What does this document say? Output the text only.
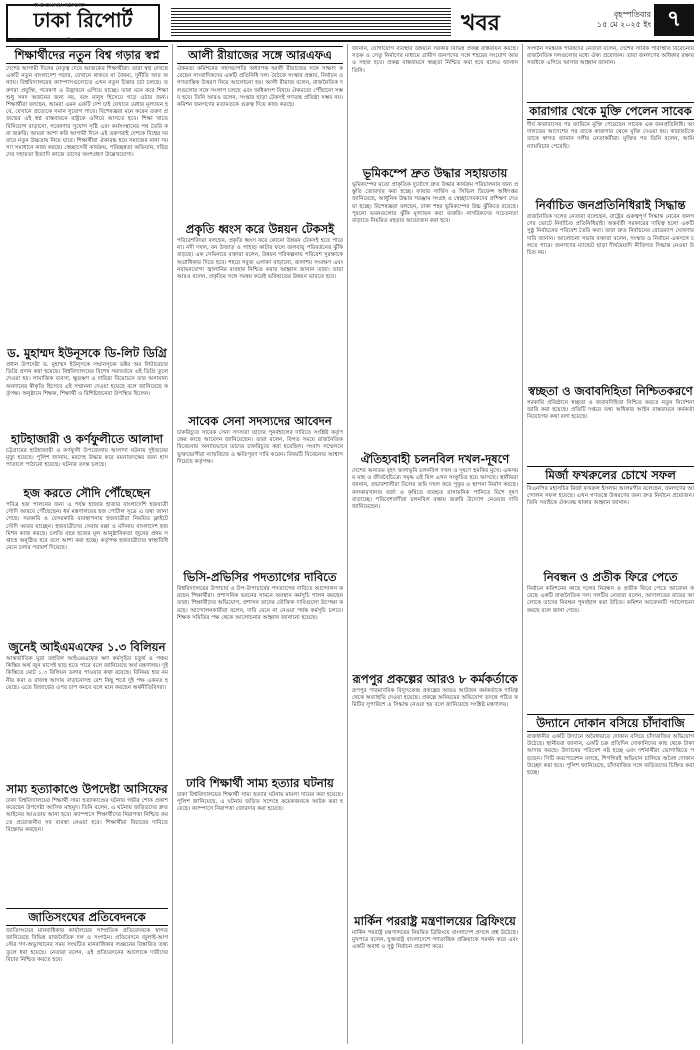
ঢাকা রিপোর্ট
THE DHAKA REPORT
খবর	বৃহস্পতিবার
১৫ মে ২০২৫ ইং ৭
শিক্ষার্থীদের নতুন বিশ্ব গড়ার স্বপ্ন

দেশের আগামী দিনের নেতৃত্ব দেবে আজকের শিক্ষার্থীরা। তারা স্বপ্ন দেখছে একটি নতুন বাংলাদেশ গড়ার, যেখানে থাকবে না বৈষম্য, দুর্নীতি আর অন্যায়। বিশ্ববিদ্যালয়ের ক্যাম্পাসগুলোতে এখন নতুন চিন্তার চর্চা চলছে। তরুণরা প্রযুক্তি, গবেষণা ও উদ্ভাবনে এগিয়ে যাচ্ছে। তারা মনে করে শিক্ষা শুধু সনদ অর্জনের জন্য নয়, বরং মানুষ হিসেবে গড়ে ওঠার জন্য। শিক্ষার্থীরা বলছেন, আমরা এমন একটি দেশ চাই যেখানে মেধার মূল্যায়ন হবে, যেখানে প্রত্যেকে সমান সুযোগ পাবে। বিশেষজ্ঞরা মনে করেন তরুণ প্রজন্মের এই স্বপ্ন বাস্তবায়নে রাষ্ট্রকে এগিয়ে আসতে হবে। শিক্ষা খাতে বিনিয়োগ বাড়ানো, গবেষণার সুযোগ সৃষ্টি এবং কর্মসংস্থানের পথ তৈরি করা জরুরি। আমরা আশা করি আগামী দিনে এই তরুণরাই দেশকে বিশ্বের দরবারে নতুন উচ্চতায় নিয়ে যাবে। শিক্ষার্থীরা ঐক্যবদ্ধ হয়ে সমাজের নানা সমস্যা সমাধানে কাজ করছে। স্বেচ্ছাসেবী কার্যক্রম, পরিচ্ছন্নতা অভিযান, দরিদ্রদের সহায়তা ইত্যাদি কাজে তাদের অংশগ্রহণ উল্লেখযোগ্য।

ড. মুহাম্মদ ইউনূসকে ডি-লিট ডিগ্রি

প্রধান উপদেষ্টা ড. মুহাম্মদ ইউনূসকে সম্মানসূচক ডক্টর অব লিটারেচার ডিগ্রি প্রদান করা হয়েছে। বিশ্ববিদ্যালয়ের বিশেষ সমাবর্তনে এই ডিগ্রি তুলে দেওয়া হয়। সামাজিক ব্যবসা, ক্ষুদ্রঋণ ও দারিদ্র্য বিমোচনে তার অসামান্য অবদানের স্বীকৃতি হিসেবে এই সম্মাননা দেওয়া হয়েছে বলে জানিয়েছে কর্তৃপক্ষ। অনুষ্ঠানে শিক্ষক, শিক্ষার্থী ও বিশিষ্টজনেরা উপস্থিত ছিলেন।

হাটহাজারী ও কর্ণফুলীতে আলাদা

চট্টগ্রামের হাটহাজারী ও কর্ণফুলী উপজেলায় আলাদা ঘটনায় দুইজনের মৃত্যু হয়েছে। পুলিশ জানায়, মরদেহ উদ্ধার করে ময়নাতদন্তের জন্য হাসপাতালে পাঠানো হয়েছে। ঘটনার তদন্ত চলছে।

হজ করতে সৌদি পৌঁছেছেন

পবিত্র হজ পালনের জন্য এ পর্যন্ত হাজার হাজার বাংলাদেশি হজযাত্রী সৌদি আরবে পৌঁছেছেন। ধর্ম মন্ত্রণালয়ের হজ পোর্টাল সূত্রে এ তথ্য জানা গেছে। সরকারি ও বেসরকারি ব্যবস্থাপনায় হজযাত্রীরা নিয়মিত ফ্লাইটে সৌদি আরব যাচ্ছেন। হজযাত্রীদের সেবায় মক্কা ও মদিনায় বাংলাদেশ হজ মিশন কাজ করছে। চলতি বছর হজের মূল আনুষ্ঠানিকতা জুনের প্রথম সপ্তাহে অনুষ্ঠিত হবে বলে আশা করা হচ্ছে। কর্তৃপক্ষ হজযাত্রীদের স্বাস্থ্যবিধি মেনে চলার পরামর্শ দিয়েছে।

জুনেই আইএমএফের ১.৩ বিলিয়ন

আন্তর্জাতিক মুদ্রা তহবিল আইএমএফের ঋণ কর্মসূচির চতুর্থ ও পঞ্চম কিস্তির অর্থ জুন মাসেই ছাড় হতে পারে বলে জানিয়েছে অর্থ মন্ত্রণালয়। দুই কিস্তিতে মোট ১.৩ বিলিয়ন ডলার পাওয়ার কথা রয়েছে। বিনিময় হার নমনীয় করা ও রাজস্ব আদায় বাড়ানোসহ বেশ কিছু শর্তে দুই পক্ষ একমত হয়েছে। এতে রিজার্ভের ওপর চাপ কমবে বলে মনে করছেন অর্থনীতিবিদরা।

সাম্য হত্যাকাণ্ডে উপদেষ্টা আসিফের

ঢাকা বিশ্ববিদ্যালয়ের শিক্ষার্থী সাম্য হত্যাকাণ্ডের ঘটনায় গভীর শোক প্রকাশ করেছেন উপদেষ্টা আসিফ মাহমুদ। তিনি বলেন, এ ঘটনায় জড়িতদের দ্রুত আইনের আওতায় আনা হবে। ক্যাম্পাসে শিক্ষার্থীদের নিরাপত্তা নিশ্চিত করতে প্রয়োজনীয় সব ব্যবস্থা নেওয়া হবে। শিক্ষার্থীরা বিচারের দাবিতে বিক্ষোভ করছেন।

জাতিসংঘের প্রতিবেদনকে

জাতিসংঘের মানবাধিকার কার্যালয়ের সাম্প্রতিক প্রতিবেদনকে স্বাগত জানিয়েছে বিভিন্ন রাজনৈতিক দল ও সংগঠন। প্রতিবেদনে জুলাই-আগস্টের গণ-অভ্যুত্থানের সময় সংঘটিত মানবাধিকার লঙ্ঘনের বিস্তারিত তথ্য তুলে ধরা হয়েছে। নেতারা বলেন, এই প্রতিবেদনের আলোকে দায়ীদের বিচার নিশ্চিত করতে হবে।

আলী রীয়াজের সঙ্গে আরএফএ

ঐকমত্য কমিশনের সহসভাপতি অধ্যাপক আলী রীয়াজের সঙ্গে সাক্ষাৎ করেছেন সাংবাদিকদের একটি প্রতিনিধি দল। বৈঠকে সংস্কার প্রস্তাব, নির্বাচন ও গণতান্ত্রিক উত্তরণ নিয়ে আলোচনা হয়। আলী রীয়াজ বলেন, রাজনৈতিক দলগুলোর সঙ্গে সংলাপ চলছে এবং অধিকাংশ বিষয়ে ঐকমত্যে পৌঁছানো সম্ভব হবে। তিনি আরও বলেন, সংস্কার ছাড়া টেকসই গণতন্ত্র প্রতিষ্ঠা সম্ভব নয়। কমিশন জনগণের মতামতকে গুরুত্ব দিয়ে কাজ করছে।

প্রকৃতি ধ্বংস করে উন্নয়ন টেকসই

পরিবেশবিদরা বলছেন, প্রকৃতি ধ্বংস করে কোনো উন্নয়ন টেকসই হতে পারে না। নদী দখল, বন উজাড় ও পাহাড় কাটার ফলে জলবায়ু পরিবর্তনের ঝুঁকি বাড়ছে। এক সেমিনারে বক্তারা বলেন, উন্নয়ন পরিকল্পনায় পরিবেশ সুরক্ষাকে অগ্রাধিকার দিতে হবে। শহরে সবুজ এলাকা বাড়ানো, জলাশয় সংরক্ষণ এবং নবায়নযোগ্য জ্বালানির ব্যবহার নিশ্চিত করার আহ্বান জানান তারা। তারা আরও বলেন, প্রকৃতির সঙ্গে সমন্বয় করেই ভবিষ্যতের উন্নয়ন ভাবতে হবে।

সাবেক সেনা সদস্যদের আবেদন

চাকরিচ্যুত সাবেক সেনা সদস্যরা তাদের পুনর্বহালের দাবিতে সংশ্লিষ্ট কর্তৃপক্ষের কাছে আবেদন জানিয়েছেন। তারা বলেন, বিগত সময়ে রাজনৈতিক বিবেচনায় অন্যায়ভাবে তাদের চাকরিচ্যুত করা হয়েছিল। সংবাদ সম্মেলনে ভুক্তভোগীরা ন্যায়বিচার ও ক্ষতিপূরণ দাবি করেন। বিষয়টি বিবেচনার আশ্বাস দিয়েছে কর্তৃপক্ষ।

ভিসি-প্রভিসির পদত্যাগের দাবিতে

বিশ্ববিদ্যালয়ের উপাচার্য ও উপ-উপাচার্যের পদত্যাগের দাবিতে আন্দোলন করছেন শিক্ষার্থীরা। প্রশাসনিক ভবনের সামনে অবস্থান কর্মসূচি পালন করছেন তারা। শিক্ষার্থীদের অভিযোগ, প্রশাসন তাদের যৌক্তিক দাবিগুলো উপেক্ষা করছে। আন্দোলনকারীরা বলেন, দাবি মেনে না নেওয়া পর্যন্ত কর্মসূচি চলবে। শিক্ষক সমিতির পক্ষ থেকে আলোচনার আহ্বান জানানো হয়েছে।

ঢাবি শিক্ষার্থী সাম্য হত্যার ঘটনায়

ঢাকা বিশ্ববিদ্যালয়ের শিক্ষার্থী সাম্য হত্যার ঘটনায় মামলা দায়ের করা হয়েছে। পুলিশ জানিয়েছে, এ ঘটনায় জড়িত সন্দেহে কয়েকজনকে আটক করা হয়েছে। ক্যাম্পাসে নিরাপত্তা জোরদার করা হয়েছে।

জানান, যোগাযোগ ব্যবস্থার উন্নয়নে সরকার বিভিন্ন প্রকল্প বাস্তবায়ন করছে। সড়ক ও সেতু নির্মাণের মাধ্যমে গ্রামীণ জনপদের সঙ্গে শহরের সংযোগ আরও সহজ হবে। প্রকল্প বাস্তবায়নে স্বচ্ছতা নিশ্চিত করা হবে বলেও জানান তিনি।

ভূমিকম্পে দ্রুত উদ্ধার সহায়তায়

ভূমিকম্পের মতো প্রাকৃতিক দুর্যোগে দ্রুত উদ্ধার কার্যক্রম পরিচালনার জন্য প্রস্তুতি জোরদার করা হচ্ছে। ফায়ার সার্ভিস ও সিভিল ডিফেন্স অধিদপ্তর জানিয়েছে, আধুনিক উদ্ধার সরঞ্জাম সংগ্রহ ও স্বেচ্ছাসেবকদের প্রশিক্ষণ দেওয়া হচ্ছে। বিশেষজ্ঞরা বলছেন, ঢাকা শহর ভূমিকম্পের উচ্চ ঝুঁকিতে রয়েছে। পুরনো ভবনগুলোর ঝুঁকি মূল্যায়ন করা জরুরি। নাগরিকদের সচেতনতা বাড়াতে নিয়মিত মহড়ার আয়োজন করা হবে।

ঐতিহ্যবাহী চলনবিল দখল-দূষণে

দেশের অন্যতম বৃহৎ জলাভূমি চলনবিল দখল ও দূষণে হুমকির মুখে। একসময় মাছ ও জীববৈচিত্র্যে সমৃদ্ধ এই বিল এখন সংকুচিত হয়ে আসছে। স্থানীয়রা জানান, প্রভাবশালীরা বিলের জমি দখল করে পুকুর ও স্থাপনা নির্মাণ করছে। কলকারখানার বর্জ্য ও কৃষিতে ব্যবহৃত রাসায়নিক পানিতে মিশে দূষণ বাড়াচ্ছে। পরিবেশবাদীরা চলনবিল রক্ষায় জরুরি উদ্যোগ নেওয়ার দাবি জানিয়েছেন।

রূপপুর প্রকল্পের আরও ৮ কর্মকর্তাকে

রূপপুর পারমাণবিক বিদ্যুৎকেন্দ্র প্রকল্পের আরও আটজন কর্মকর্তাকে দায়িত্ব থেকে অব্যাহতি দেওয়া হয়েছে। প্রকল্পে অনিয়মের অভিযোগ তদন্তে গঠিত কমিটির সুপারিশে এ সিদ্ধান্ত নেওয়া হয় বলে জানিয়েছে সংশ্লিষ্ট মন্ত্রণালয়।

মার্কিন পররাষ্ট্র মন্ত্রণালয়ের ব্রিফিংয়ে

মার্কিন পররাষ্ট্র মন্ত্রণালয়ের নিয়মিত ব্রিফিংয়ে বাংলাদেশ প্রসঙ্গে প্রশ্ন উঠেছে। মুখপাত্র বলেন, যুক্তরাষ্ট্র বাংলাদেশে গণতান্ত্রিক প্রক্রিয়াকে সমর্থন করে এবং একটি অবাধ ও সুষ্ঠু নির্বাচন প্রত্যাশা করে।

সংগঠন সমন্বয়ক পরিষদের নেতারা বলেন, দেশের সার্বিক পরিস্থিতি বিবেচনায় রাজনৈতিক দলগুলোর মধ্যে ঐক্য প্রয়োজন। তারা জনগণের অধিকার রক্ষায় সবাইকে এগিয়ে আসার আহ্বান জানান।

কারাগার থেকে মুক্তি পেলেন সাবেক

দীর্ঘ কারাবাসের পর জামিনে মুক্তি পেয়েছেন সাবেক এক জনপ্রতিনিধি। আদালতের আদেশের পর তাকে কারাগার থেকে মুক্তি দেওয়া হয়। কারাফটকে তাকে স্বাগত জানান দলীয় নেতাকর্মীরা। মুক্তির পর তিনি বলেন, আমি ন্যায়বিচার পেয়েছি।

নির্বাচিত জনপ্রতিনিধিরাই সিদ্ধান্ত

রাজনৈতিক দলের নেতারা বলেছেন, রাষ্ট্রের গুরুত্বপূর্ণ সিদ্ধান্ত নেবেন জনগণের ভোটে নির্বাচিত প্রতিনিধিরাই। অন্তর্বর্তী সরকারের দায়িত্ব হলো একটি সুষ্ঠু নির্বাচনের পরিবেশ তৈরি করা। তারা দ্রুত নির্বাচনের রোডম্যাপ ঘোষণার দাবি জানান। আলোচনা সভায় বক্তারা বলেন, সংস্কার ও নির্বাচন একসঙ্গে চলতে পারে। জনগণের ম্যান্ডেট ছাড়া দীর্ঘমেয়াদি নীতিগত সিদ্ধান্ত নেওয়া উচিত নয়।

স্বচ্ছতা ও জবাবদিহিতা নিশ্চিতকরণে

সরকারি প্রতিষ্ঠানে স্বচ্ছতা ও জবাবদিহিতা নিশ্চিত করতে নতুন নির্দেশনা জারি করা হয়েছে। প্রতিটি দপ্তরে তথ্য অধিকার আইন বাস্তবায়নে কর্মকর্তা নিয়োগের কথা বলা হয়েছে।

মির্জা ফখরুলের চোখে সফল

বিএনপির মহাসচিব মির্জা ফখরুল ইসলাম আলমগীর বলেছেন, জনগণের আন্দোলন সফল হয়েছে। এখন গণতন্ত্রে উত্তরণের জন্য দ্রুত নির্বাচন প্রয়োজন। তিনি সবাইকে ঐক্যবদ্ধ থাকার আহ্বান জানান।

নিবন্ধন ও প্রতীক ফিরে পেতে

নির্বাচন কমিশনের কাছে দলের নিবন্ধন ও প্রতীক ফিরে পেতে আবেদন করেছে একটি রাজনৈতিক দল। দলটির নেতারা বলেন, আদালতের রায়ের আলোকে তাদের নিবন্ধন পুনর্বহাল করা উচিত। কমিশন আবেদনটি পর্যালোচনা করছে বলে জানা গেছে।

উদ্যানে দোকান বসিয়ে চাঁদাবাজি

রাজধানীর একটি উদ্যানে অবৈধভাবে দোকান বসিয়ে চাঁদাবাজির অভিযোগ উঠেছে। স্থানীয়রা জানান, একটি চক্র প্রতিদিন দোকানিদের কাছ থেকে টাকা আদায় করছে। উদ্যানের পরিবেশ নষ্ট হচ্ছে এবং দর্শনার্থীরা ভোগান্তিতে পড়ছেন। সিটি করপোরেশন বলছে, শিগগিরই অভিযান চালিয়ে অবৈধ দোকান উচ্ছেদ করা হবে। পুলিশ জানিয়েছে, চাঁদাবাজির সঙ্গে জড়িতদের চিহ্নিত করা হচ্ছে।
